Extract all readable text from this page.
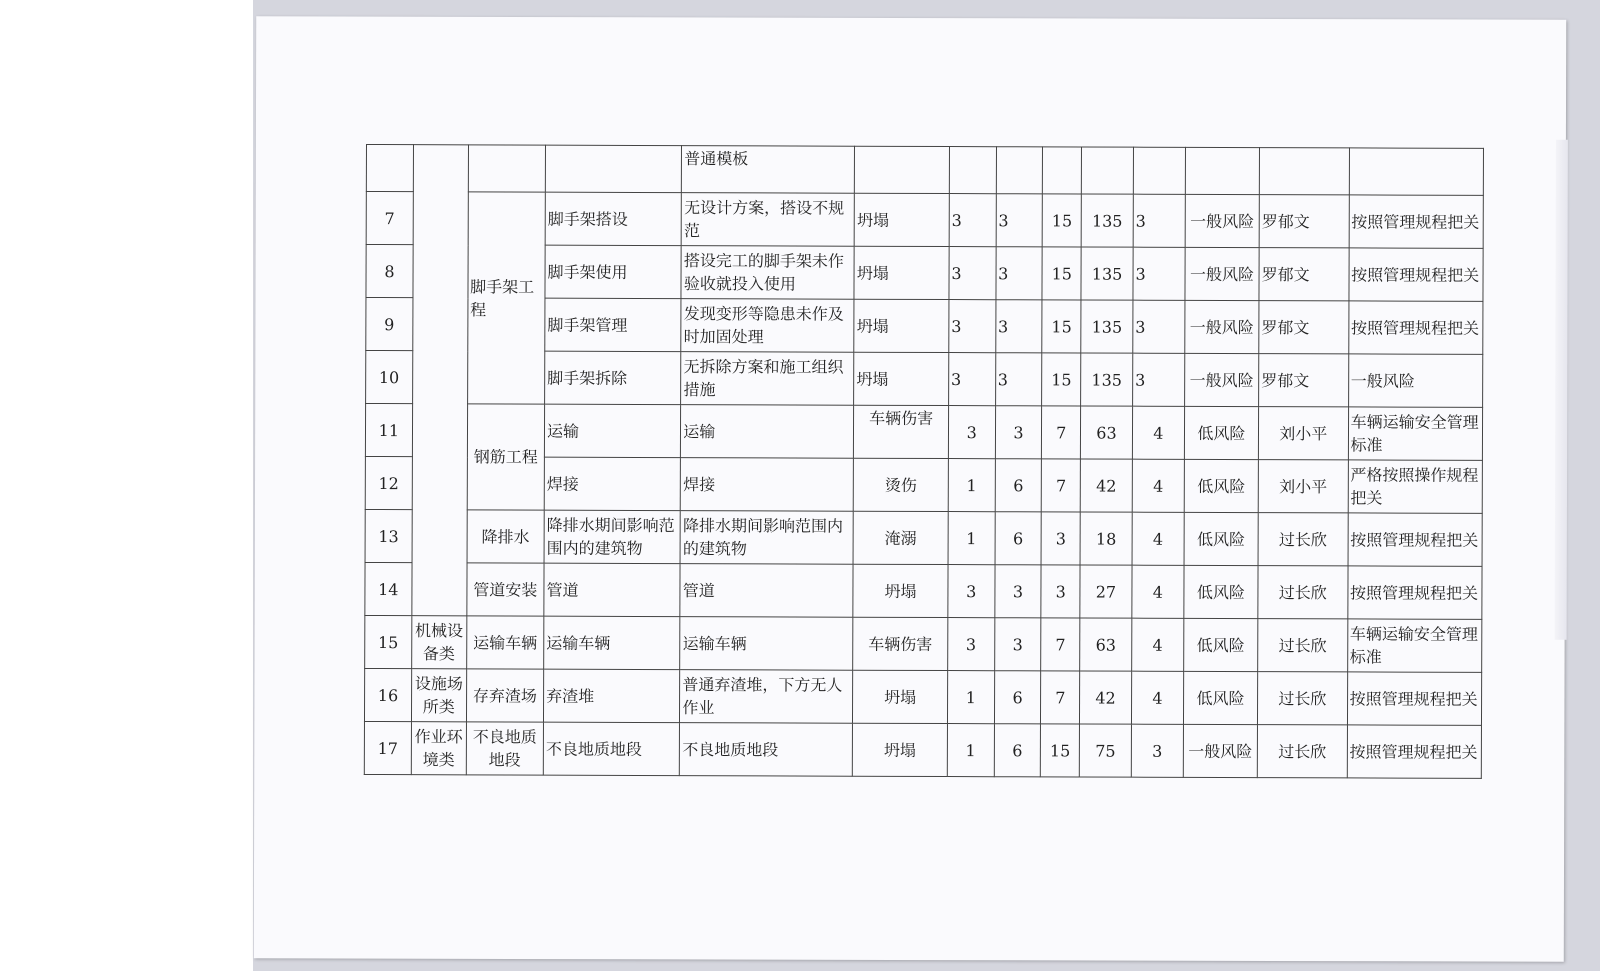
				普通模板									
7		脚手架工程	脚手架搭设	无设计方案，搭设不规范	坍塌	3	3	15	135	3	一般风险	罗郁文	按照管理规程把关
8			脚手架使用	搭设完工的脚手架未作验收就投入使用	坍塌	3	3	15	135	3	一般风险	罗郁文	按照管理规程把关
9			脚手架管理	发现变形等隐患未作及时加固处理	坍塌	3	3	15	135	3	一般风险	罗郁文	按照管理规程把关
10			脚手架拆除	无拆除方案和施工组织措施	坍塌	3	3	15	135	3	一般风险	罗郁文	一般风险
11		钢筋工程	运输	运输	车辆伤害	3	3	7	63	4	低风险	刘小平	车辆运输安全管理标准
12			焊接	焊接	烫伤	1	6	7	42	4	低风险	刘小平	严格按照操作规程把关
13		降排水	降排水期间影响范围内的建筑物	降排水期间影响范围内的建筑物	淹溺	1	6	3	18	4	低风险	过长欣	按照管理规程把关
14		管道安装	管道	管道	坍塌	3	3	3	27	4	低风险	过长欣	按照管理规程把关
15	机械设备类	运输车辆	运输车辆	运输车辆	车辆伤害	3	3	7	63	4	低风险	过长欣	车辆运输安全管理标准
16	设施场所类	存弃渣场	弃渣堆	普通弃渣堆，下方无人作业	坍塌	1	6	7	42	4	低风险	过长欣	按照管理规程把关
17	作业环境类	不良地质地段	不良地质地段	不良地质地段	坍塌	1	6	15	75	3	一般风险	过长欣	按照管理规程把关
